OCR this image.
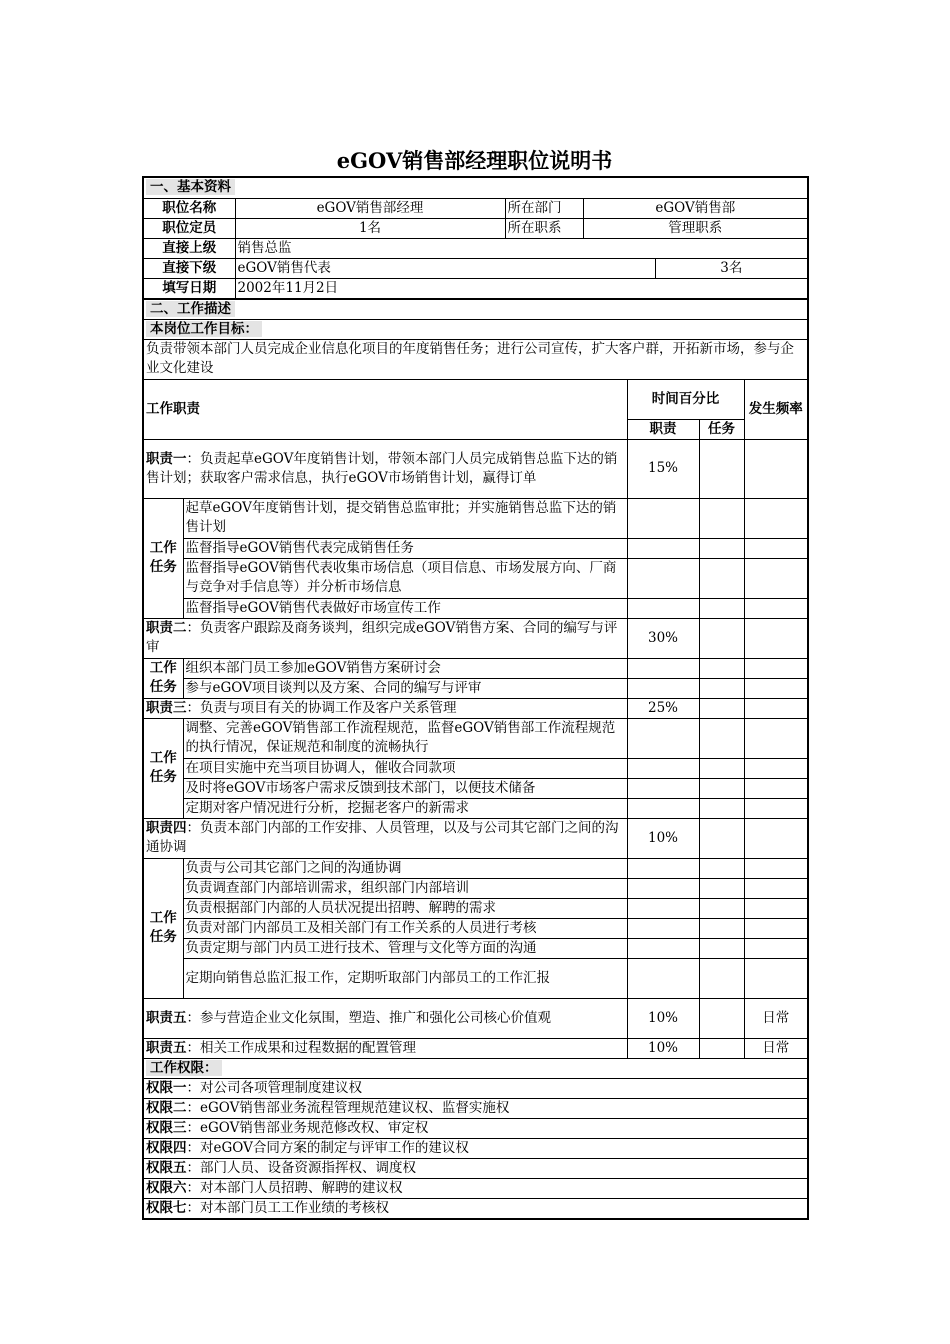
eGOV销售部经理职位说明书
一、基本资料								
职位名称		eGOV销售部经理	所在部门	eGOV销售部				
职位定员		1名	所在职系	管理职系				
直接上级		销售总监						
直接下级		eGOV销售代表				3名		
填写日期		2002年11月2日						
二、工作描述								
本岗位工作目标：								
负责带领本部门人员完成企业信息化项目的年度销售任务；进行公司宣传，扩大客户群，开拓新市场，参与企业文化建设								
工作职责					时间百分比			发生频率
					职责		任务	
职责一：负责起草eGOV年度销售计划，带领本部门人员完成销售总监下达的销售计划；获取客户需求信息，执行eGOV市场销售计划，赢得订单					15%			
工作任务	起草eGOV年度销售计划，提交销售总监审批；并实施销售总监下达的销售计划							
	监督指导eGOV销售代表完成销售任务							
	监督指导eGOV销售代表收集市场信息（项目信息、市场发展方向、厂商与竞争对手信息等）并分析市场信息							
	监督指导eGOV销售代表做好市场宣传工作							
职责二：负责客户跟踪及商务谈判，组织完成eGOV销售方案、合同的编写与评审					30%			
工作任务	组织本部门员工参加eGOV销售方案研讨会							
	参与eGOV项目谈判以及方案、合同的编写与评审							
职责三：负责与项目有关的协调工作及客户关系管理					25%			
工作任务	调整、完善eGOV销售部工作流程规范，监督eGOV销售部工作流程规范的执行情况，保证规范和制度的流畅执行							
	在项目实施中充当项目协调人，催收合同款项							
	及时将eGOV市场客户需求反馈到技术部门，以便技术储备							
	定期对客户情况进行分析，挖掘老客户的新需求							
职责四：负责本部门内部的工作安排、人员管理，以及与公司其它部门之间的沟通协调					10%			
工作任务	负责与公司其它部门之间的沟通协调							
	负责调查部门内部培训需求，组织部门内部培训							
	负责根据部门内部的人员状况提出招聘、解聘的需求							
	负责对部门内部员工及相关部门有工作关系的人员进行考核							
	负责定期与部门内员工进行技术、管理与文化等方面的沟通							
	定期向销售总监汇报工作，定期听取部门内部员工的工作汇报							
职责五：参与营造企业文化氛围，塑造、推广和强化公司核心价值观					10%			日常
职责五：相关工作成果和过程数据的配置管理					10%			日常
工作权限：								
权限一：对公司各项管理制度建议权								
权限二：eGOV销售部业务流程管理规范建议权、监督实施权								
权限三：eGOV销售部业务规范修改权、审定权								
权限四：对eGOV合同方案的制定与评审工作的建议权								
权限五：部门人员、设备资源指挥权、调度权								
权限六：对本部门人员招聘、解聘的建议权								
权限七：对本部门员工工作业绩的考核权								
